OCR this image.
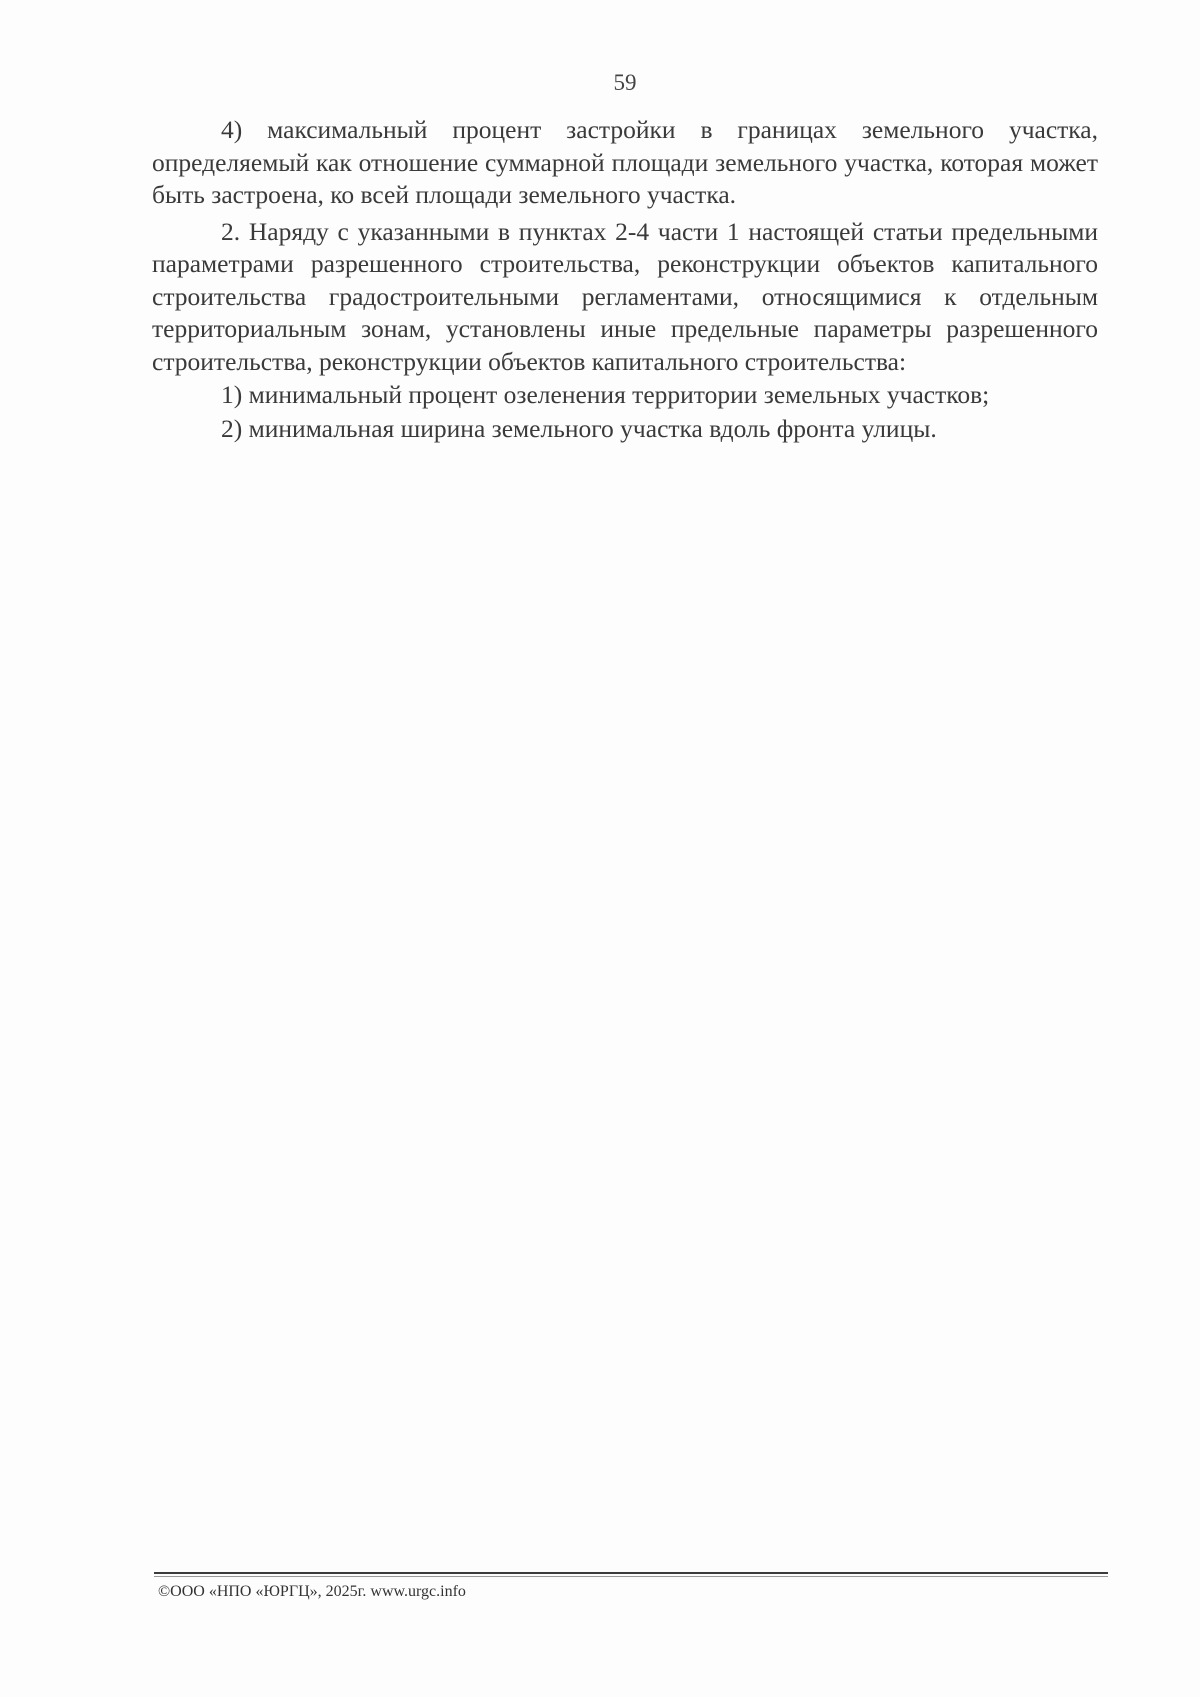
59

4) максимальный процент застройки в границах земельного участка, определяемый как отношение суммарной площади земельного участка, которая может быть застроена, ко всей площади земельного участка.

2. Наряду с указанными в пунктах 2-4 части 1 настоящей статьи предельными параметрами разрешенного строительства, реконструкции объектов капитального строительства градостроительными регламентами, относящимися к отдельным территориальным зонам, установлены иные предельные параметры разрешенного строительства, реконструкции объектов капитального строительства:

1) минимальный процент озеленения территории земельных участков;

2) минимальная ширина земельного участка вдоль фронта улицы.

©ООО «НПО «ЮРГЦ», 2025г. www.urgc.info
